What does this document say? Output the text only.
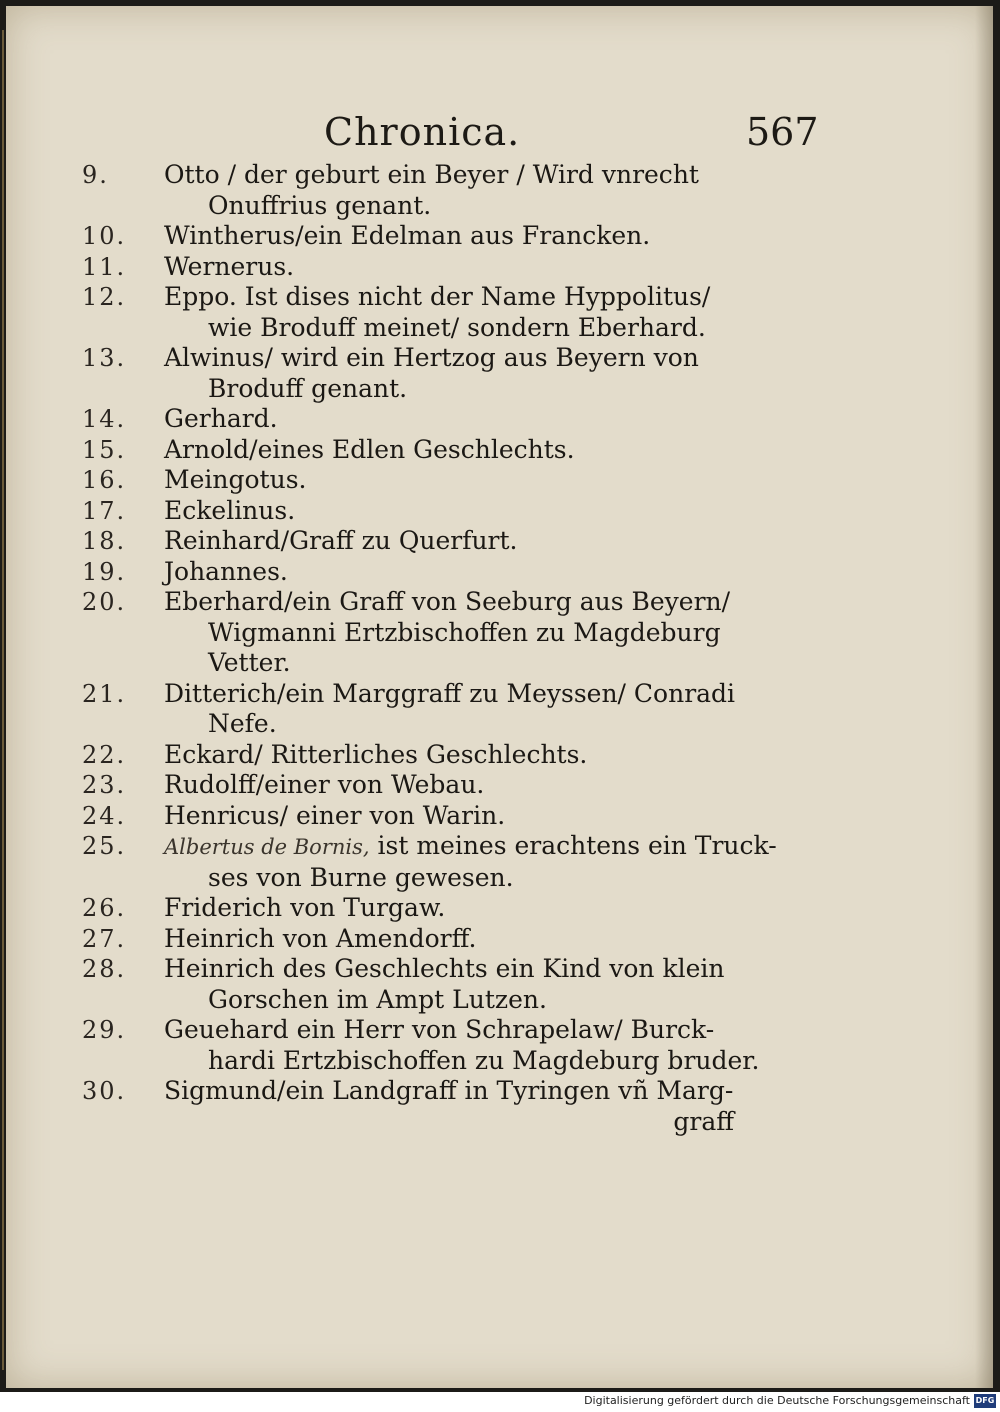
Chronica.	567
9.	Otto / der geburt ein Beyer / Wird vnrecht
Onuffrius genant.
10.	Wintherus/ein Edelman aus Francken.
11.	Wernerus.
12.	Eppo. Ist dises nicht der Name Hyppolitus/
wie Broduff meinet/ sondern Eberhard.
13.	Alwinus/ wird ein Hertzog aus Beyern von
Broduff genant.
14.	Gerhard.
15.	Arnold/eines Edlen Geschlechts.
16.	Meingotus.
17.	Eckelinus.
18.	Reinhard/Graff zu Querfurt.
19.	Johannes.
20.	Eberhard/ein Graff von Seeburg aus Beyern/
Wigmanni Ertzbischoffen zu Magdeburg
Vetter.
21.	Ditterich/ein Marggraff zu Meyssen/ Conradi
Nefe.
22.	Eckard/ Ritterliches Geschlechts.
23.	Rudolff/einer von Webau.
24.	Henricus/ einer von Warin.
25.	Albertus de Bornis, ist meines erachtens ein Truck-
ses von Burne gewesen.
26.	Friderich von Turgaw.
27.	Heinrich von Amendorff.
28.	Heinrich des Geschlechts ein Kind von klein
Gorschen im Ampt Lutzen.
29.	Geuehard ein Herr von Schrapelaw/ Burck-
hardi Ertzbischoffen zu Magdeburg bruder.
30.	Sigmund/ein Landgraff in Tyringen vñ Marg-
graff
Digitalisierung gefördert durch die Deutsche Forschungsgemeinschaft DFG
